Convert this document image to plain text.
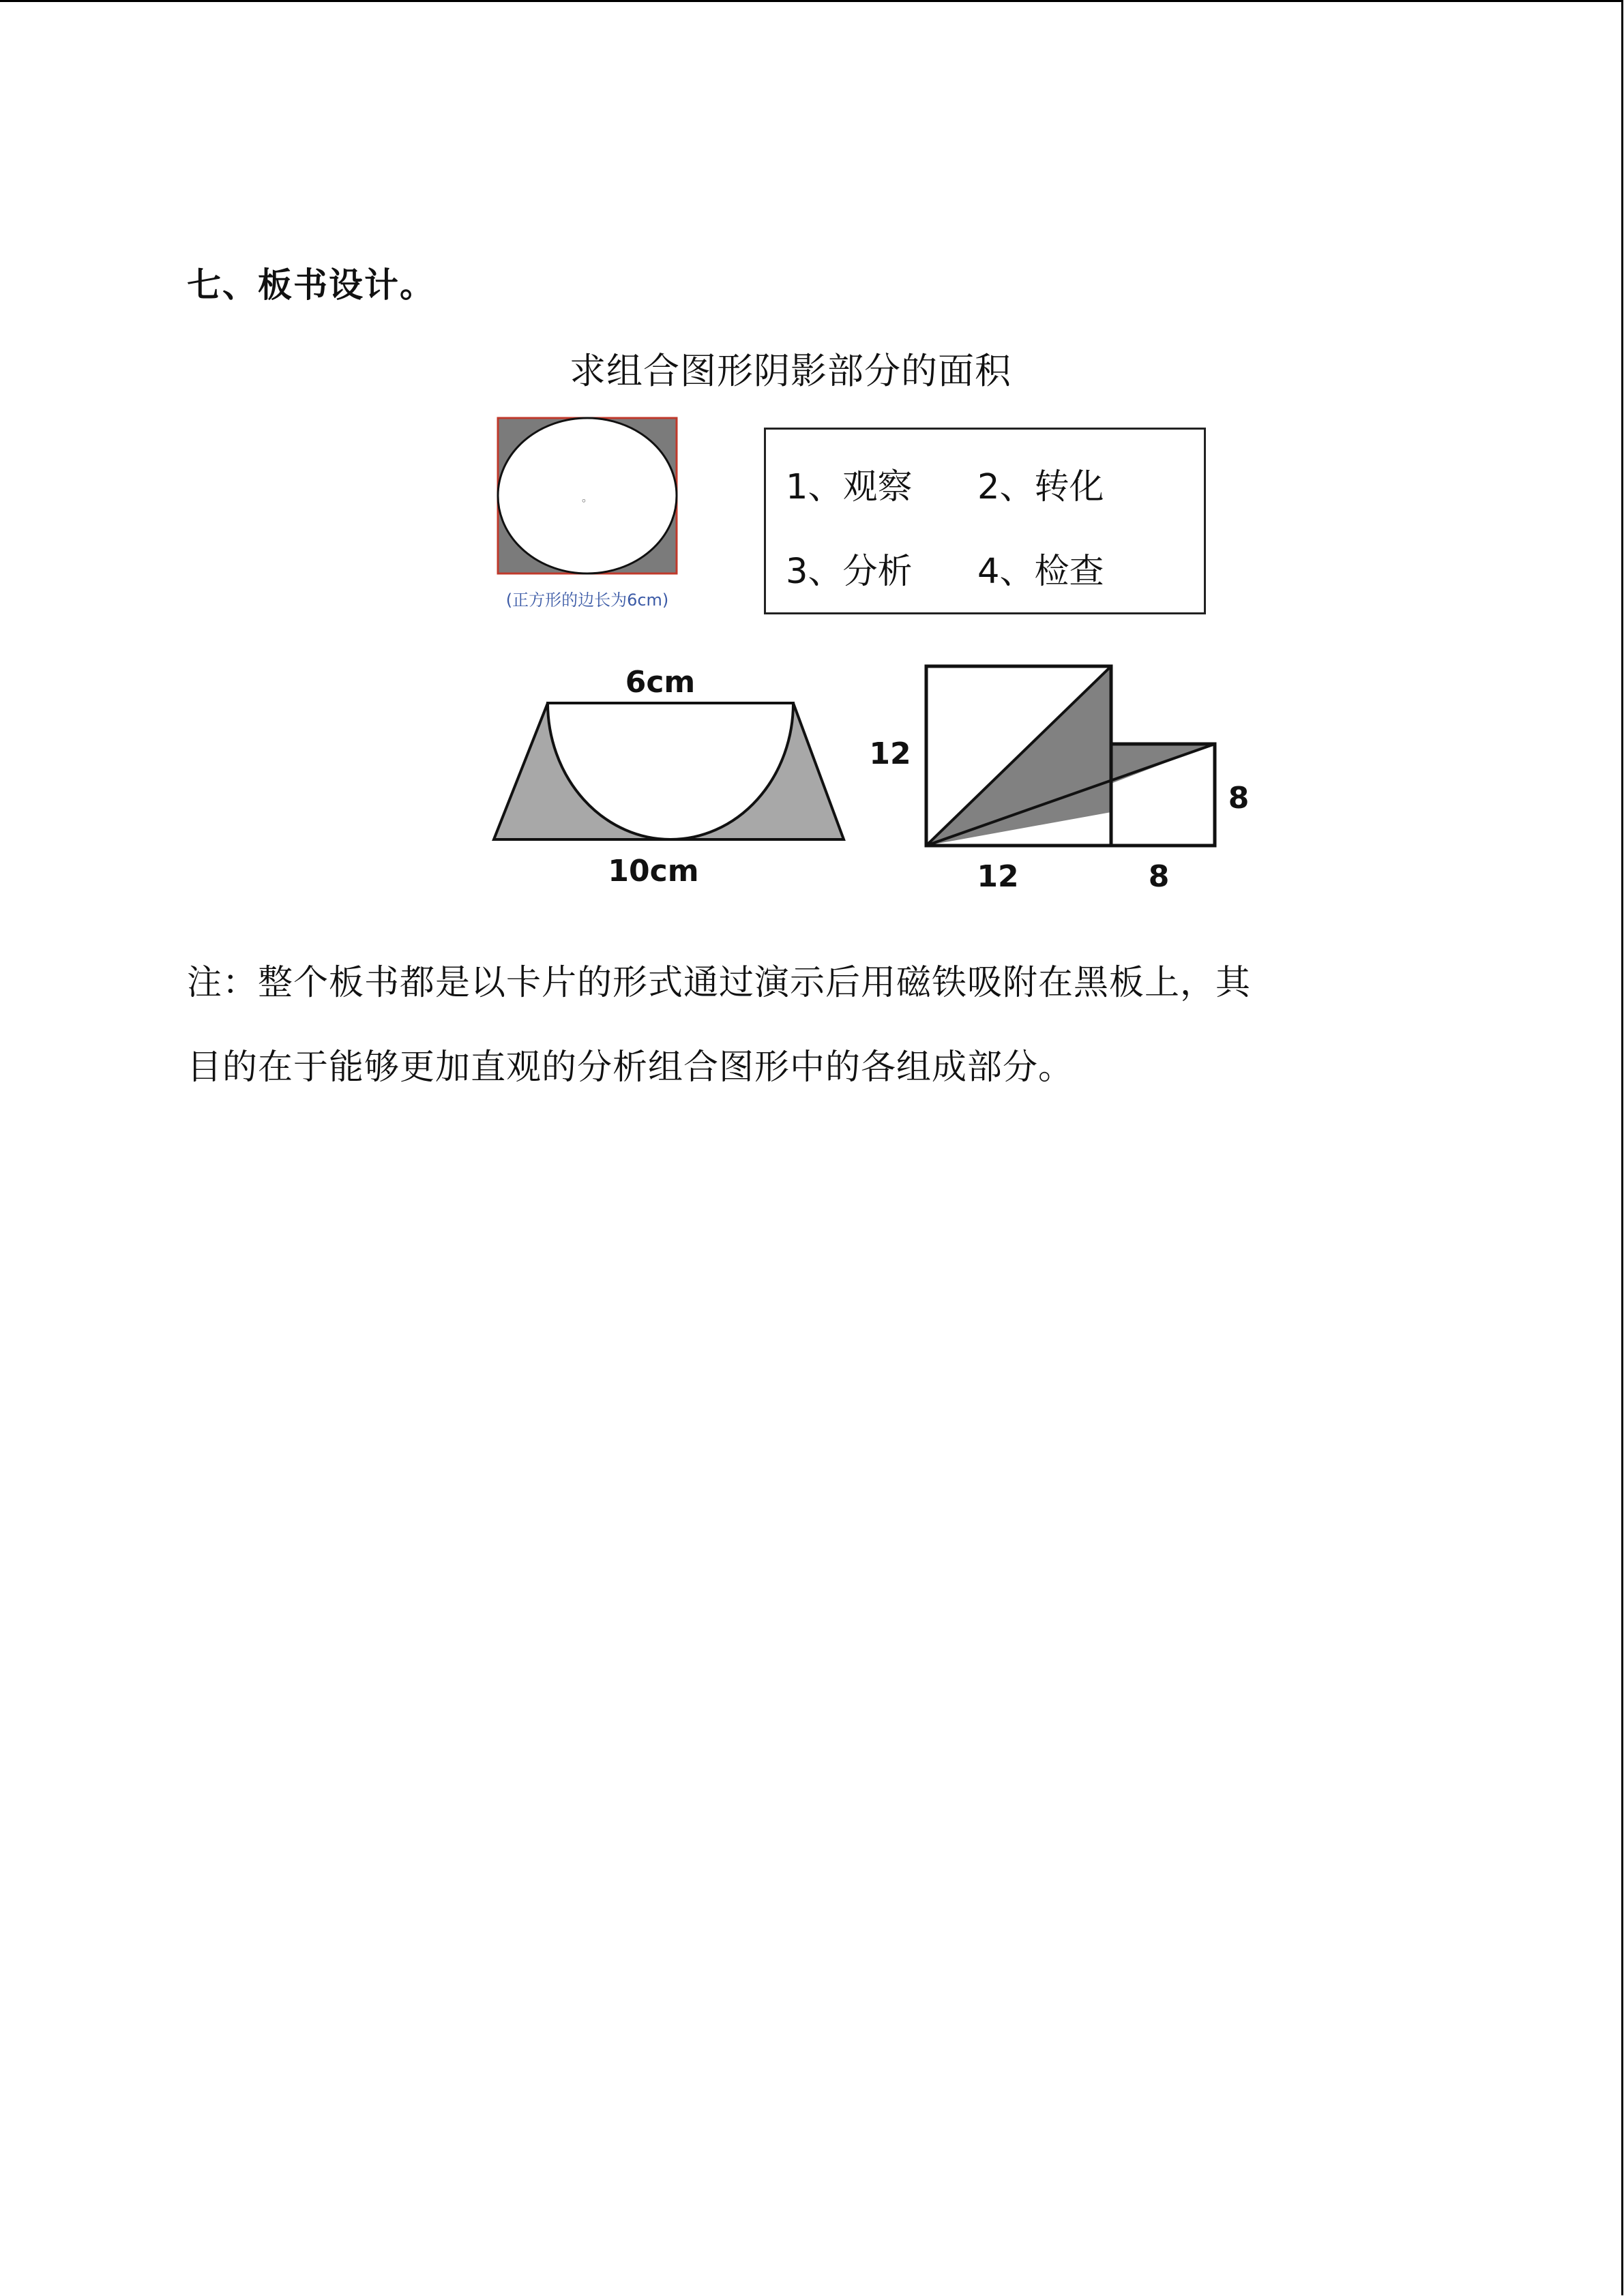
七、板书设计。
求组合图形阴影部分的面积
。
(正方形的边长为6cm)
1、观察 2、转化
3、分析 4、检查
6cm
10cm
12
8
12	8
注：整个板书都是以卡片的形式通过演示后用磁铁吸附在黑板上，其
目的在于能够更加直观的分析组合图形中的各组成部分。
